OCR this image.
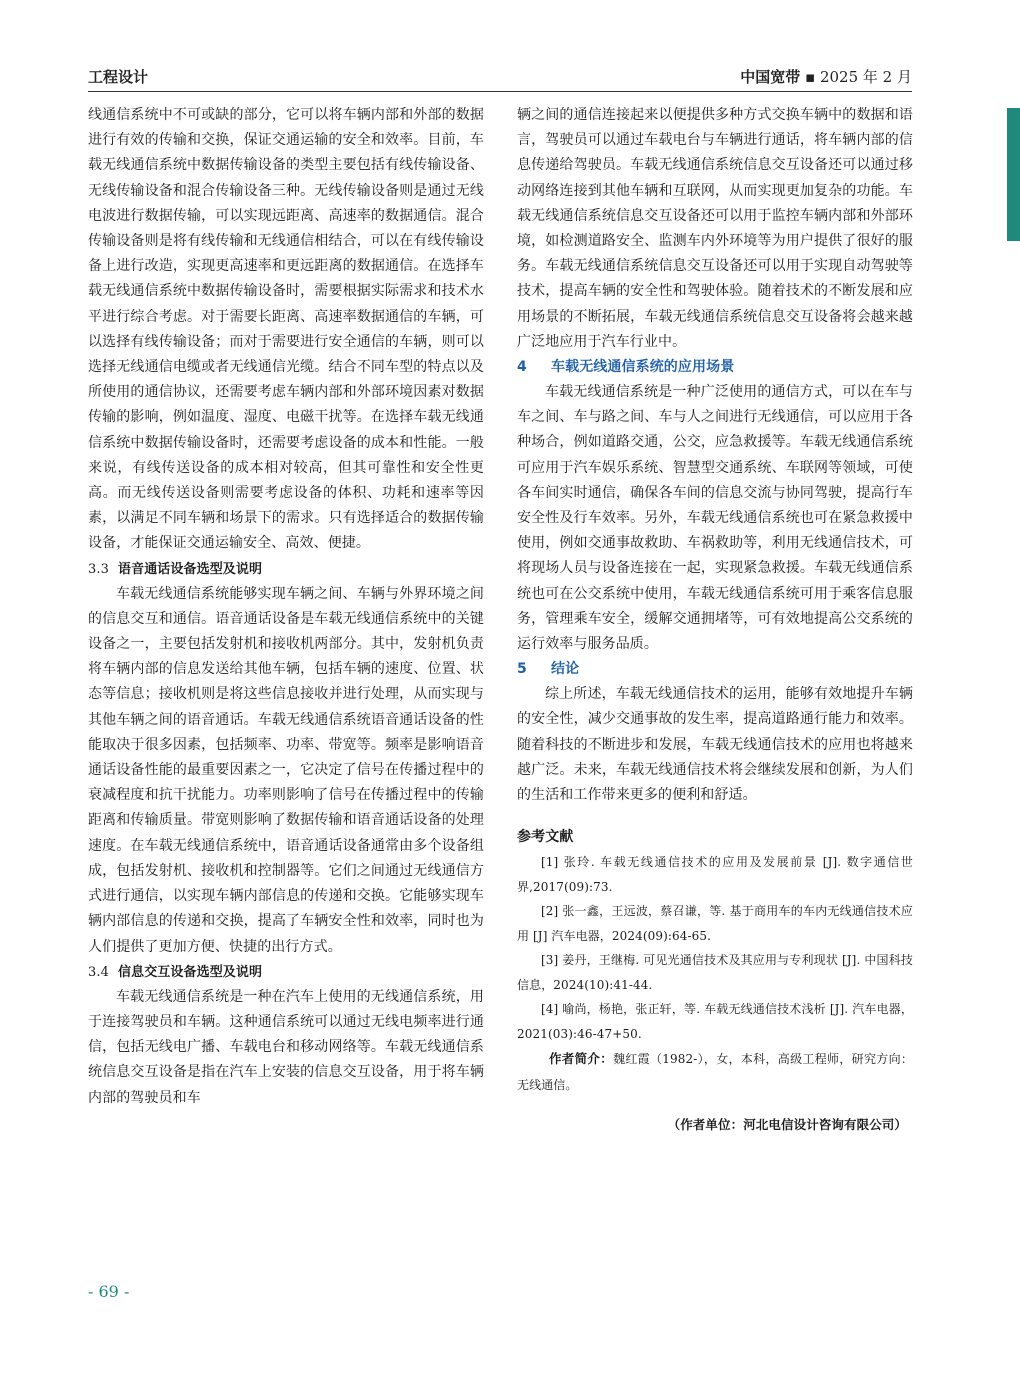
工程设计	中国宽带 ▪ 2025 年 2 月

线通信系统中不可或缺的部分，它可以将车辆内部和外部的数据进行有效的传输和交换，保证交通运输的安全和效率。目前，车载无线通信系统中数据传输设备的类型主要包括有线传输设备、无线传输设备和混合传输设备三种。无线传输设备则是通过无线电波进行数据传输，可以实现远距离、高速率的数据通信。混合传输设备则是将有线传输和无线通信相结合，可以在有线传输设备上进行改造，实现更高速率和更远距离的数据通信。在选择车载无线通信系统中数据传输设备时，需要根据实际需求和技术水平进行综合考虑。对于需要长距离、高速率数据通信的车辆，可以选择有线传输设备；而对于需要进行安全通信的车辆，则可以选择无线通信电缆或者无线通信光缆。结合不同车型的特点以及所使用的通信协议，还需要考虑车辆内部和外部环境因素对数据传输的影响，例如温度、湿度、电磁干扰等。在选择车载无线通信系统中数据传输设备时，还需要考虑设备的成本和性能。一般来说，有线传送设备的成本相对较高，但其可靠性和安全性更高。而无线传送设备则需要考虑设备的体积、功耗和速率等因素，以满足不同车辆和场景下的需求。只有选择适合的数据传输设备，才能保证交通运输安全、高效、便捷。

3.3 语音通话设备选型及说明

车载无线通信系统能够实现车辆之间、车辆与外界环境之间的信息交互和通信。语音通话设备是车载无线通信系统中的关键设备之一，主要包括发射机和接收机两部分。其中，发射机负责将车辆内部的信息发送给其他车辆，包括车辆的速度、位置、状态等信息；接收机则是将这些信息接收并进行处理，从而实现与其他车辆之间的语音通话。车载无线通信系统语音通话设备的性能取决于很多因素，包括频率、功率、带宽等。频率是影响语音通话设备性能的最重要因素之一，它决定了信号在传播过程中的衰减程度和抗干扰能力。功率则影响了信号在传播过程中的传输距离和传输质量。带宽则影响了数据传输和语音通话设备的处理速度。在车载无线通信系统中，语音通话设备通常由多个设备组成，包括发射机、接收机和控制器等。它们之间通过无线通信方式进行通信，以实现车辆内部信息的传递和交换。它能够实现车辆内部信息的传递和交换，提高了车辆安全性和效率，同时也为人们提供了更加方便、快捷的出行方式。

3.4 信息交互设备选型及说明

车载无线通信系统是一种在汽车上使用的无线通信系统，用于连接驾驶员和车辆。这种通信系统可以通过无线电频率进行通信，包括无线电广播、车载电台和移动网络等。车载无线通信系统信息交互设备是指在汽车上安装的信息交互设备，用于将车辆内部的驾驶员和车

辆之间的通信连接起来以便提供多种方式交换车辆中的数据和语言，驾驶员可以通过车载电台与车辆进行通话，将车辆内部的信息传递给驾驶员。车载无线通信系统信息交互设备还可以通过移动网络连接到其他车辆和互联网，从而实现更加复杂的功能。车载无线通信系统信息交互设备还可以用于监控车辆内部和外部环境，如检测道路安全、监测车内外环境等为用户提供了很好的服务。车载无线通信系统信息交互设备还可以用于实现自动驾驶等技术，提高车辆的安全性和驾驶体验。随着技术的不断发展和应用场景的不断拓展，车载无线通信系统信息交互设备将会越来越广泛地应用于汽车行业中。

4 车载无线通信系统的应用场景

车载无线通信系统是一种广泛使用的通信方式，可以在车与车之间、车与路之间、车与人之间进行无线通信，可以应用于各种场合，例如道路交通，公交，应急救援等。车载无线通信系统可应用于汽车娱乐系统、智慧型交通系统、车联网等领域，可使各车间实时通信，确保各车间的信息交流与协同驾驶，提高行车安全性及行车效率。另外，车载无线通信系统也可在紧急救援中使用，例如交通事故救助、车祸救助等，利用无线通信技术，可将现场人员与设备连接在一起，实现紧急救援。车载无线通信系统也可在公交系统中使用，车载无线通信系统可用于乘客信息服务，管理乘车安全，缓解交通拥堵等，可有效地提高公交系统的运行效率与服务品质。

5 结论

综上所述，车载无线通信技术的运用，能够有效地提升车辆的安全性，减少交通事故的发生率，提高道路通行能力和效率。随着科技的不断进步和发展，车载无线通信技术的应用也将越来越广泛。未来，车载无线通信技术将会继续发展和创新，为人们的生活和工作带来更多的便利和舒适。

参考文献

[1] 张玲. 车载无线通信技术的应用及发展前景 [J]. 数字通信世界,2017(09):73.

[2] 张一鑫，王远波，蔡召谦，等. 基于商用车的车内无线通信技术应用 [J] 汽车电器，2024(09):64-65.

[3] 姜丹，王继梅. 可见光通信技术及其应用与专利现状 [J]. 中国科技信息，2024(10):41-44.

[4] 喻尚，杨艳，张正轩，等. 车载无线通信技术浅析 [J]. 汽车电器，2021(03):46-47+50.

作者简介：魏红霞（1982-），女，本科，高级工程师，研究方向：无线通信。

（作者单位：河北电信设计咨询有限公司）
- 69 -
